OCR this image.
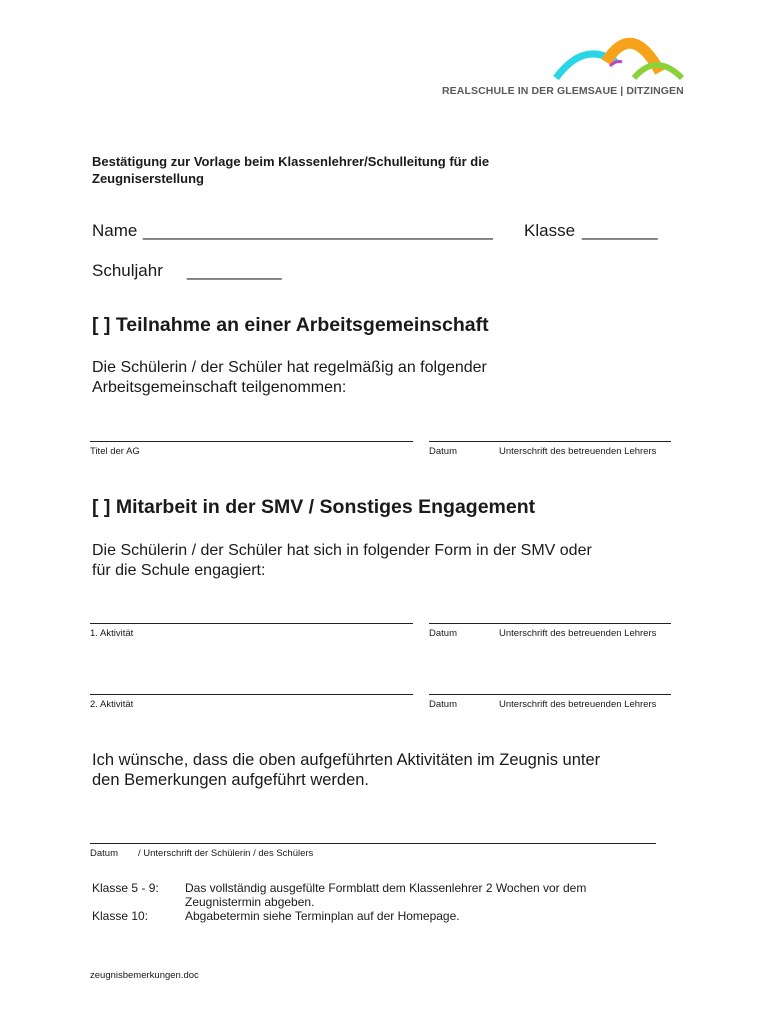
REALSCHULE IN DER GLEMSAUE | DITZINGEN
Bestätigung zur Vorlage beim Klassenlehrer/Schulleitung für die
Zeugniserstellung
Name _____________________________________ Klasse ________
Schuljahr __________
[ ] Teilnahme an einer Arbeitsgemeinschaft
Die Schülerin / der Schüler hat regelmäßig an folgender
Arbeitsgemeinschaft teilgenommen:
Titel der AG	Datum	Unterschrift des betreuenden Lehrers
[ ] Mitarbeit in der SMV / Sonstiges Engagement
Die Schülerin / der Schüler hat sich in folgender Form in der SMV oder
für die Schule engagiert:
1. Aktivität	Datum	Unterschrift des betreuenden Lehrers
2. Aktivität	Datum	Unterschrift des betreuenden Lehrers
Ich wünsche, dass die oben aufgeführten Aktivitäten im Zeugnis unter
den Bemerkungen aufgeführt werden.
Datum / Unterschrift der Schülerin / des Schülers
Klasse 5 - 9: Das vollständig ausgefülte Formblatt dem Klassenlehrer 2 Wochen vor dem
Zeugnistermin abgeben.
Klasse 10:	Abgabetermin siehe Terminplan auf der Homepage.
zeugnisbemerkungen.doc
